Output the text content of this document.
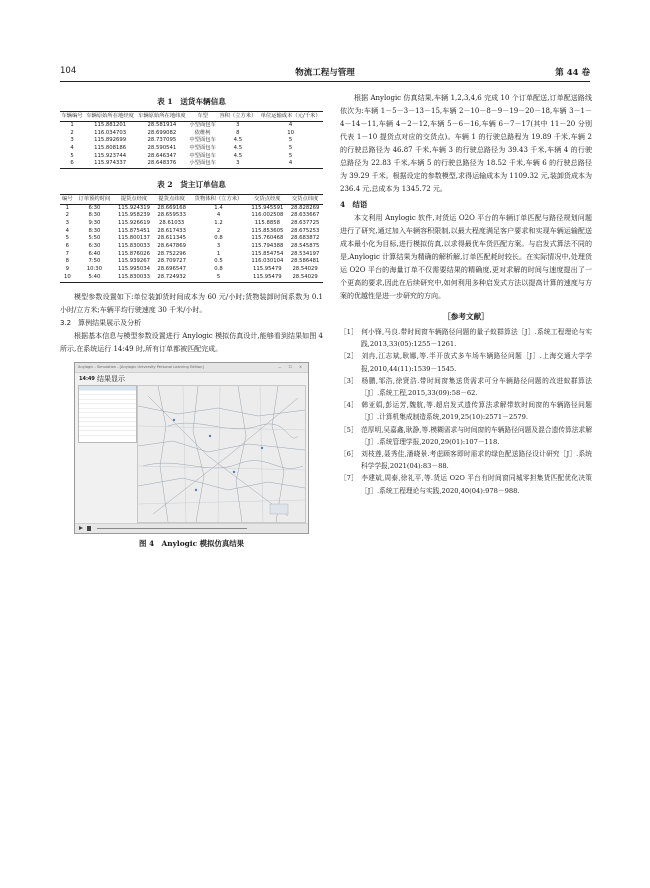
104	物流工程与管理	第 44 卷
表 1　送货车辆信息
车辆编号	车辆原始所在地经度	车辆原始所在地纬度	车型	容积（立方米）	单位运输成本（元/千米）
1	115.881201	28.581914	小型面包车	3	4
2	116.034703	28.699082	依维柯	8	10
3	115.892699	28.737095	中型面包车	4.5	5
4	115.808186	28.590541	中型面包车	4.5	5
5	115.923744	28.646347	中型面包车	4.5	5
6	115.974337	28.648376	小型面包车	3	4
表 2　货主订单信息
编号	订单预约时间	提货点经度	提货点纬度	货物体积（立方米）	交货点经度	交货点纬度
1	6:30	115.924319	28.669168	1.4	115.945591	28.828269
2	8:30	115.958239	28.659533	4	116.002508	28.633667
3	9:30	115.926619	28.61033	1.2	115.8858	28.637725
4	8:30	115.875451	28.617433	2	115.853605	28.675253
5	5:50	115.800137	28.611345	0.8	115.760468	28.683872
6	6:30	115.830033	28.647869	3	115.794388	28.545875
7	6:40	115.876026	28.752296	1	115.854754	28.534197
8	7:50	115.939267	28.709727	0.5	116.030104	28.586481
9	10:30	115.995034	28.696547	0.8	115.95479	28.54029
10	5:40	115.830033	28.724932	5	115.95479	28.54029

模型参数设置如下:单位装卸货时间成本为 60 元/小时;货物装卸时间系数为 0.1 小时/立方米;车辆平均行驶速度 30 千米/小时。

3.2　算例结果展示及分析

根据基本信息与模型参数设置进行 Anylogic 模拟仿真设计,能够看到结果如图 4 所示,在系统运行 14:49 时,所有订单都被匹配完成。

Anylogic - Simulation - [Anylogic University Personal Learning Edition]	— ☐ ✕
14:49 结果显示
图 4　Anylogic 模拟仿真结果

根据 Anylogic 仿真结果,车辆 1,2,3,4,6 完成 10 个订单配送,订单配送路线依次为:车辆 1－5－3－13－15,车辆 2－10－8－9－19－20－18,车辆 3－1－4－14－11,车辆 4－2－12,车辆 5－6－16,车辆 6－7－17(其中 11－20 分别代表 1－10 提货点对应的交货点)。车辆 1 的行驶总路程为 19.89 千米,车辆 2 的行驶总路径为 46.87 千米,车辆 3 的行驶总路径为 39.43 千米,车辆 4 的行驶总路径为 22.83 千米,车辆 5 的行驶总路径为 18.52 千米,车辆 6 的行驶总路径为 39.29 千米。根据设定的参数模型,求得运输成本为 1109.32 元,装卸货成本为 236.4 元,总成本为 1345.72 元。

4　结语

本文利用 Anylogic 软件,对货运 O2O 平台的车辆订单匹配与路径规划问题进行了研究,通过加入车辆容积限制,以最大程度满足客户要求和实现车辆运输配送成本最小化为目标,进行模拟仿真,以求得最优车货匹配方案。与启发式算法不同的是,Anylogic 计算结果为精确的解析解,订单匹配耗时较长。在实际情况中,处理货运 O2O 平台的海量订单不仅需要结果的精确度,更对求解的时间与速度提出了一个更高的要求,因此在后续研究中,如何利用多种启发式方法以提高计算的速度与方案的优越性是进一步研究的方向。

［参考文献］

［1］ 何小锋,马良.带时间窗车辆路径问题的量子蚁群算法［J］.系统工程理论与实践,2013,33(05):1255－1261.

［2］ 刘冉,江志斌,耿娜,等.半开放式多车场车辆路径问题［J］.上海交通大学学报,2010,44(11):1539－1545.

［3］ 杨鹏,邹浩,徐贤浩.带时间窗集送货需求可分车辆路径问题的改进蚁群算法［J］.系统工程,2015,33(09):58－62.

［4］ 韩亚娟,彭运芳,魏航,等.超启发式遗传算法求解带软时间窗的车辆路径问题［J］.计算机集成制造系统,2019,25(10):2571－2579.

［5］ 范厚明,吴嘉鑫,耿静,等.模糊需求与时间窗的车辆路径问题及混合遗传算法求解［J］.系统管理学报,2020,29(01):107－118.

［6］ 刘枝莲,聂秀佳,潘晓景.考虑顾客即时需求的绿色配送路径设计研究［J］.系统科学学报,2021(04):83－88.

［7］ 李建斌,周泰,徐礼平,等.货运 O2O 平台有时间窗同城零担集货匹配优化决策［J］.系统工程理论与实践,2020,40(04):978－988.
